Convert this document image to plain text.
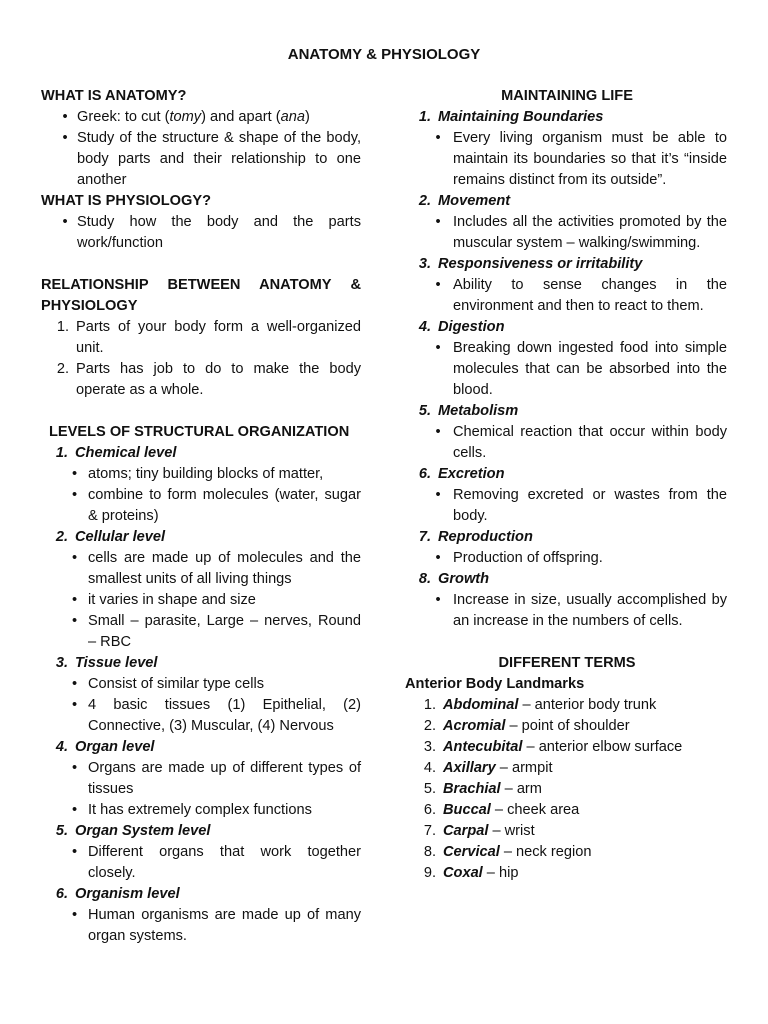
ANATOMY & PHYSIOLOGY

WHAT IS ANATOMY?

• Greek: to cut (tomy) and apart (ana)
• Study of the structure & shape of the body, body parts and their relationship to one another

WHAT IS PHYSIOLOGY?

• Study how the body and the parts work/function

RELATIONSHIP BETWEEN ANATOMY & PHYSIOLOGY

1. Parts of your body form a well-organized unit.
2. Parts has job to do to make the body operate as a whole.

LEVELS OF STRUCTURAL ORGANIZATION

1. Chemical level
• atoms; tiny building blocks of matter,
• combine to form molecules (water, sugar & proteins)
2. Cellular level
• cells are made up of molecules and the smallest units of all living things
• it varies in shape and size
• Small – parasite, Large – nerves, Round – RBC
3. Tissue level
• Consist of similar type cells
• 4 basic tissues (1) Epithelial, (2) Connective, (3) Muscular, (4) Nervous
4. Organ level
• Organs are made up of different types of tissues
• It has extremely complex functions
5. Organ System level
• Different organs that work together closely.
6. Organism level
• Human organisms are made up of many organ systems.

MAINTAINING LIFE

1. Maintaining Boundaries
• Every living organism must be able to maintain its boundaries so that it’s “inside remains distinct from its outside”.
2. Movement
• Includes all the activities promoted by the muscular system – walking/swimming.
3. Responsiveness or irritability
• Ability to sense changes in the environment and then to react to them.
4. Digestion
• Breaking down ingested food into simple molecules that can be absorbed into the blood.
5. Metabolism
• Chemical reaction that occur within body cells.
6. Excretion
• Removing excreted or wastes from the body.
7. Reproduction
• Production of offspring.
8. Growth
• Increase in size, usually accomplished by an increase in the numbers of cells.

DIFFERENT TERMS

Anterior Body Landmarks

1. Abdominal – anterior body trunk
2. Acromial – point of shoulder
3. Antecubital – anterior elbow surface
4. Axillary – armpit
5. Brachial – arm
6. Buccal – cheek area
7. Carpal – wrist
8. Cervical – neck region
9. Coxal – hip
